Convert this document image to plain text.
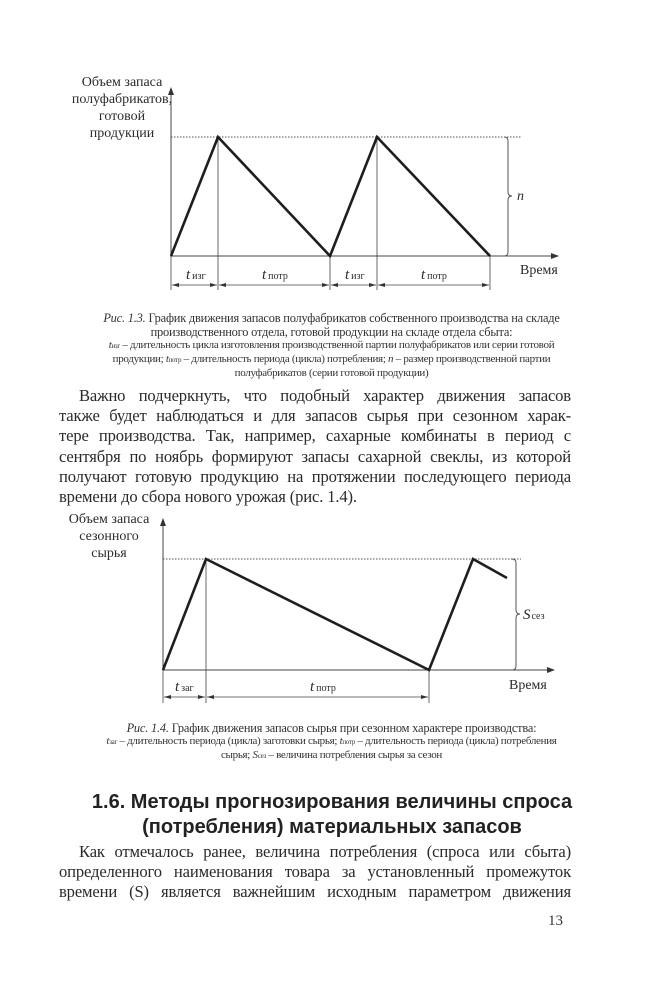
Объем запаса
полуфабрикатов,
готовой
продукции
n
tизг	tпотр	tизг	tпотр	Время
Рис. 1.3. График движения запасов полуфабрикатов собственного производства на складе
производственного отдела, готовой продукции на складе отдела сбыта:
tизг – длительность цикла изготовления производственной партии полуфабрикатов или серии готовой
продукции; tпотр – длительность периода (цикла) потребления; n – размер производственной партии
полуфабрикатов (серии готовой продукции)
Важно подчеркнуть, что подобный характер движения запасов
также будет наблюдаться и для запасов сырья при сезонном харак-
тере производства. Так, например, сахарные комбинаты в период с
сентября по ноябрь формируют запасы сахарной свеклы, из которой
получают готовую продукцию на протяжении последующего периода
времени до сбора нового урожая (рис. 1.4).
Объем запаса
сезонного
сырья
Sсез
tзаг	tпотр	Время
Рис. 1.4. График движения запасов сырья при сезонном характере производства:
tзаг – длительность периода (цикла) заготовки сырья; tпотр – длительность периода (цикла) потребления
сырья; Sсез – величина потребления сырья за сезон
1.6. Методы прогнозирования величины спроса
(потребления) материальных запасов
Как отмечалось ранее, величина потребления (спроса или сбыта)
определенного наименования товара за установленный промежуток
времени (S) является важнейшим исходным параметром движения
13
